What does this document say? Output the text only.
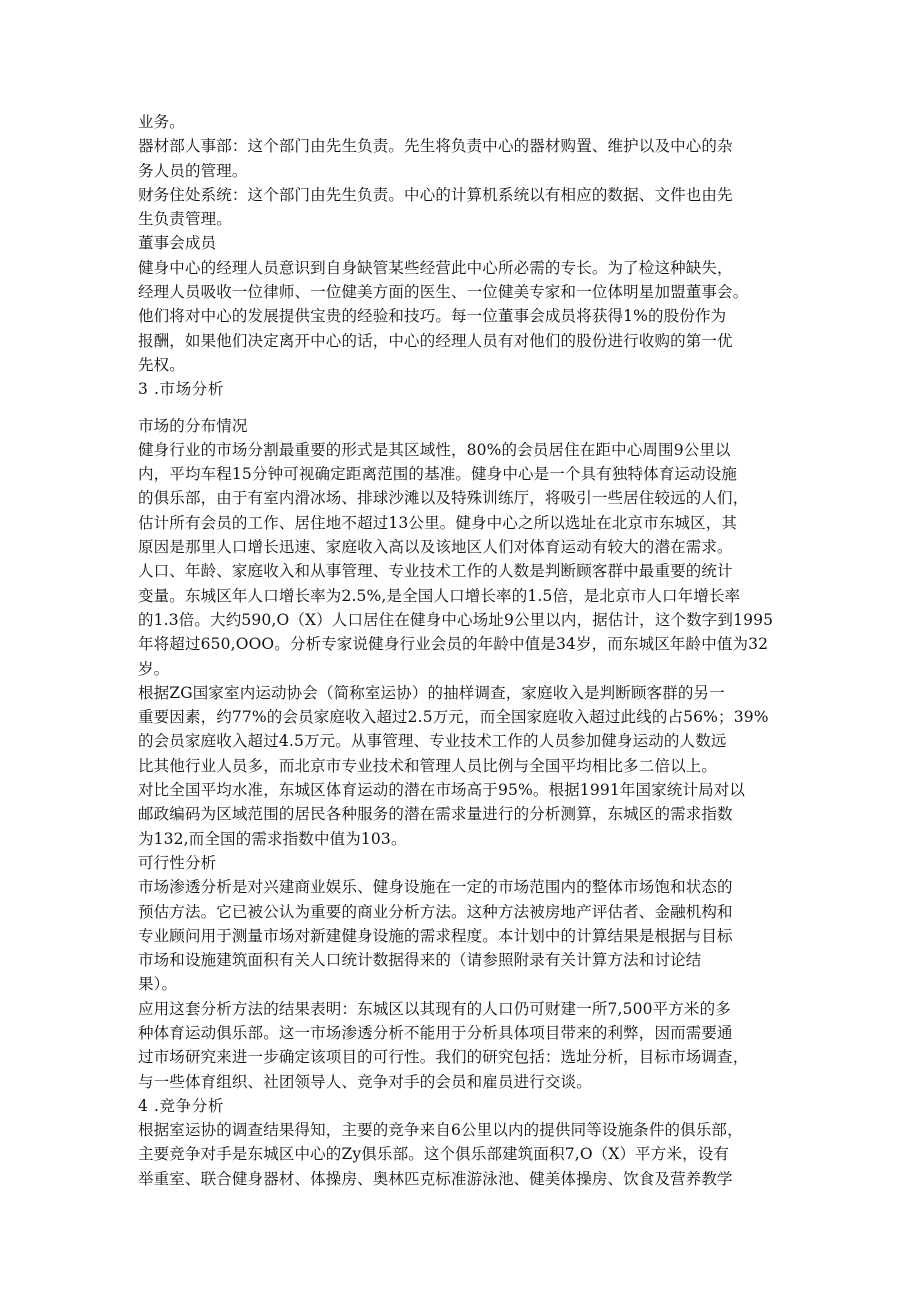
业务。
器材部人事部：这个部门由先生负责。先生将负责中心的器材购置、维护以及中心的杂
务人员的管理。
财务住处系统：这个部门由先生负责。中心的计算机系统以有相应的数据、文件也由先
生负责管理。
董事会成员
健身中心的经理人员意识到自身缺管某些经营此中心所必需的专长。为了检这种缺失，
经理人员吸收一位律师、一位健美方面的医生、一位健美专家和一位体明星加盟董事会。
他们将对中心的发展提供宝贵的经验和技巧。每一位董事会成员将获得1%的股份作为
报酬，如果他们决定离开中心的话，中心的经理人员有对他们的股份进行收购的第一优
先权。
3 .市场分析
市场的分布情况
健身行业的市场分割最重要的形式是其区域性，80%的会员居住在距中心周围9公里以
内，平均车程15分钟可视确定距离范围的基准。健身中心是一个具有独特体育运动设施
的俱乐部，由于有室内滑冰场、排球沙滩以及特殊训练厅，将吸引一些居住较远的人们，
估计所有会员的工作、居住地不超过13公里。健身中心之所以选址在北京市东城区，其
原因是那里人口增长迅速、家庭收入高以及该地区人们对体育运动有较大的潜在需求。
人口、年龄、家庭收入和从事管理、专业技术工作的人数是判断顾客群中最重要的统计
变量。东城区年人口增长率为2.5%,是全国人口增长率的1.5倍，是北京市人口年增长率
的1.3倍。大约590,O（X）人口居住在健身中心场址9公里以内，据估计，这个数字到1995
年将超过650,OOO。分析专家说健身行业会员的年龄中值是34岁，而东城区年龄中值为32
岁。
根据ZG国家室内运动协会（简称室运协）的抽样调查，家庭收入是判断顾客群的另一
重要因素，约77%的会员家庭收入超过2.5万元，而全国家庭收入超过此线的占56%；39%
的会员家庭收入超过4.5万元。从事管理、专业技术工作的人员参加健身运动的人数远
比其他行业人员多，而北京市专业技术和管理人员比例与全国平均相比多二倍以上。
对比全国平均水准，东城区体育运动的潜在市场高于95%。根据1991年国家统计局对以
邮政编码为区域范围的居民各种服务的潜在需求量进行的分析测算，东城区的需求指数
为132,而全国的需求指数中值为103。
可行性分析
市场渗透分析是对兴建商业娱乐、健身设施在一定的市场范围内的整体市场饱和状态的
预估方法。它已被公认为重要的商业分析方法。这种方法被房地产评估者、金融机构和
专业顾问用于测量市场对新建健身设施的需求程度。本计划中的计算结果是根据与目标
市场和设施建筑面积有关人口统计数据得来的（请参照附录有关计算方法和讨论结
果）。
应用这套分析方法的结果表明：东城区以其现有的人口仍可财建一所7,500平方米的多
种体育运动俱乐部。这一市场渗透分析不能用于分析具体项目带来的利弊，因而需要通
过市场研究来进一步确定该项目的可行性。我们的研究包括：选址分析，目标市场调查，
与一些体育组织、社团领导人、竞争对手的会员和雇员进行交谈。
4 .竞争分析
根据室运协的调查结果得知，主要的竞争来自6公里以内的提供同等设施条件的俱乐部，
主要竞争对手是东城区中心的Zy俱乐部。这个俱乐部建筑面积7,O（X）平方米，设有
举重室、联合健身器材、体操房、奥林匹克标准游泳池、健美体操房、饮食及营养教学
